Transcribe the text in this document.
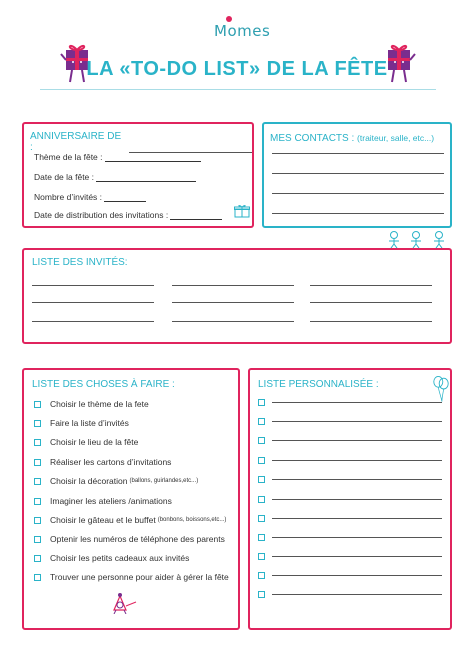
Momes
LA «TO-DO LIST» DE LA FÊTE
ANNIVERSAIRE DE :
Thème de la fête :
Date de la fête :
Nombre d’invités :
Date de distribution des invitations :
MES CONTACTS : (traiteur, salle, etc...)
LISTE DES INVITÉS:
LISTE DES CHOSES À FAIRE :
Choisir le thème de la fete
Faire la liste d’invités
Choisir le lieu de la fête
Réaliser les cartons d’invitations
Choisir la décoration (ballons, guirlandes,etc...)
Imaginer les ateliers /animations
Choisir le gâteau et le buffet (bonbons, boissons,etc...)
Optenir les numéros de téléphone des parents
Choisir les petits cadeaux aux invités
Trouver une personne pour aider à gérer la fête
LISTE PERSONNALISÉE :
